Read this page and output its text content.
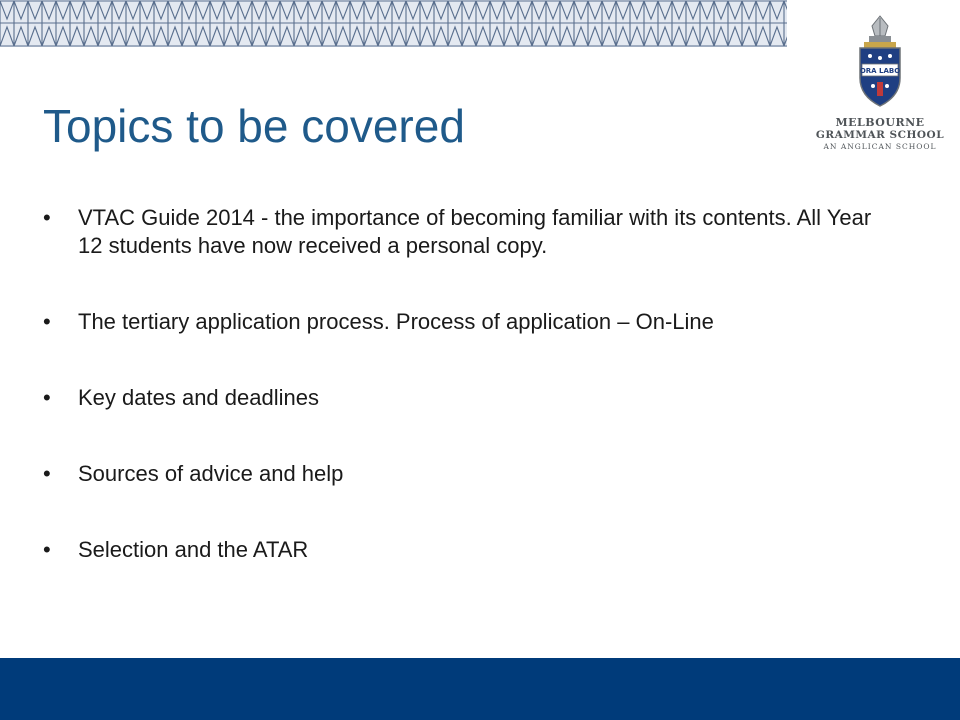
ORA LABO
MELBOURNE
GRAMMAR SCHOOL
AN ANGLICAN SCHOOL
Topics to be covered
• VTAC Guide 2014 - the importance of becoming familiar with its contents. All Year 12 students have now received a personal copy.
• The tertiary application process. Process of application – On-Line
• Key dates and deadlines
• Sources of advice and help
• Selection and the ATAR
